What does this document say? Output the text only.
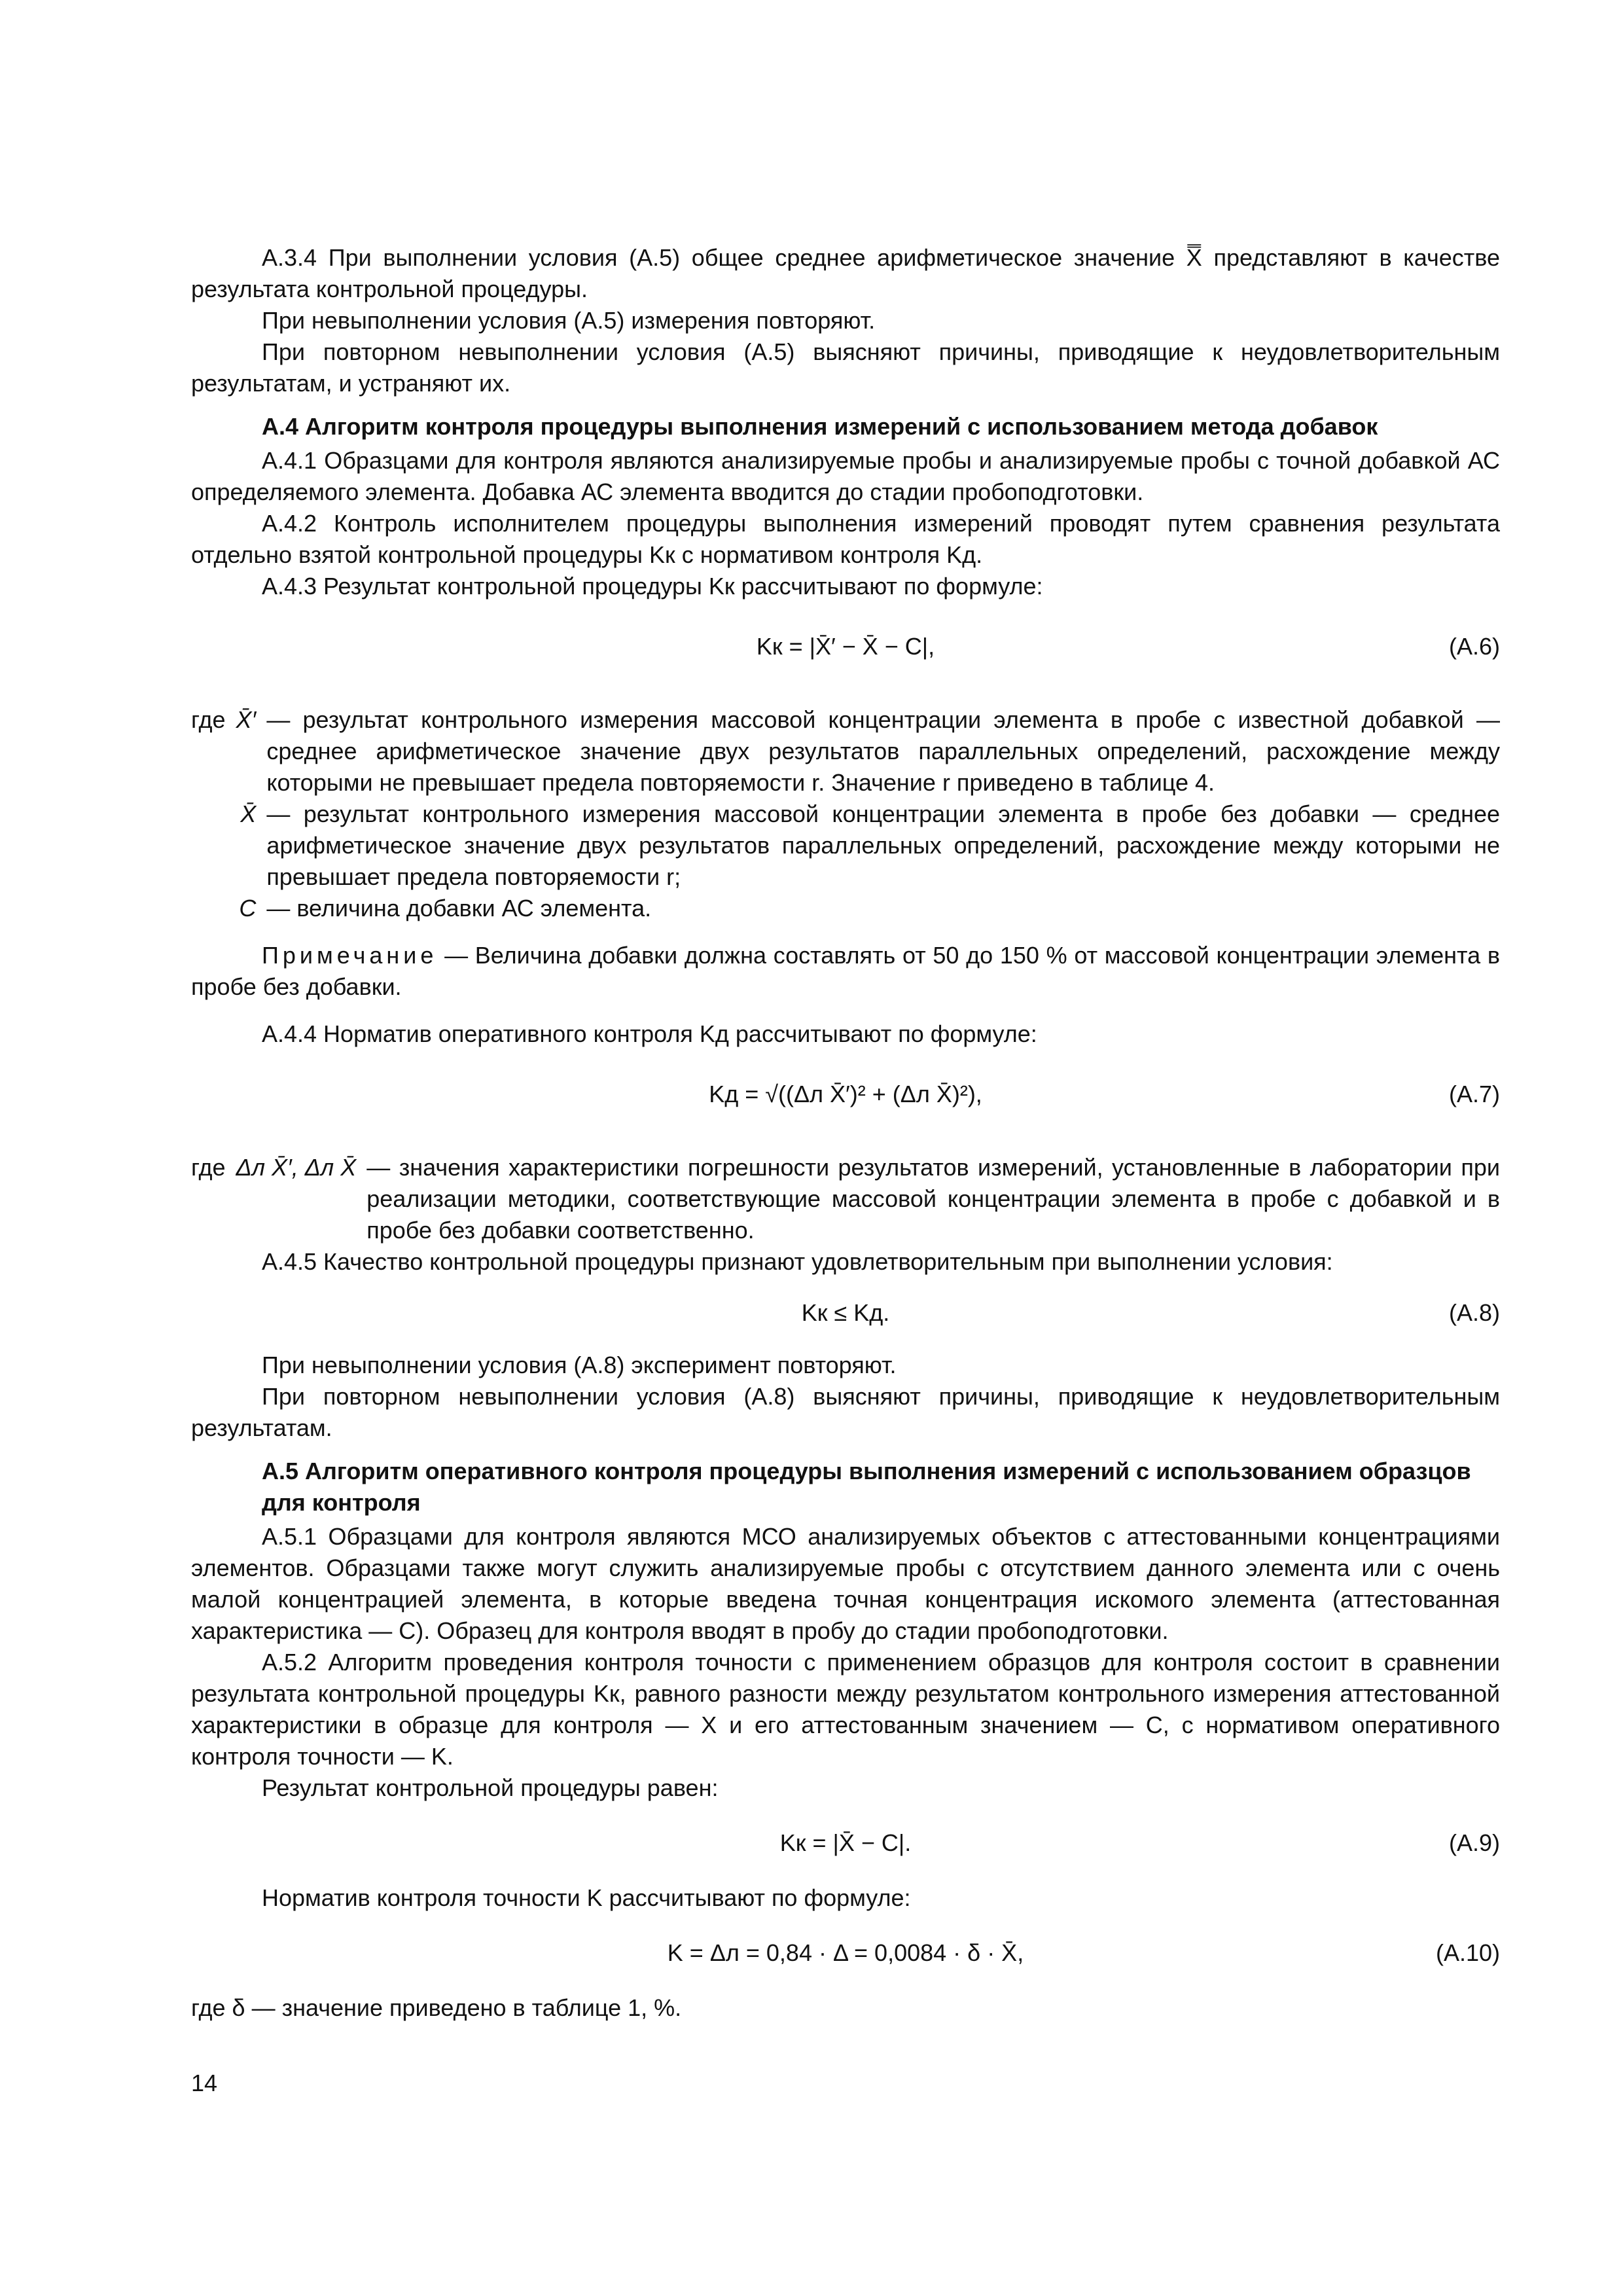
А.3.4 При выполнении условия (А.5) общее среднее арифметическое значение X̿ представляют в качестве результата контрольной процедуры.

При невыполнении условия (А.5) измерения повторяют.

При повторном невыполнении условия (А.5) выясняют причины, приводящие к неудовлетворительным результатам, и устраняют их.

А.4 Алгоритм контроля процедуры выполнения измерений с использованием метода добавок

А.4.1 Образцами для контроля являются анализируемые пробы и анализируемые пробы с точной добавкой АС определяемого элемента. Добавка АС элемента вводится до стадии пробоподготовки.

А.4.2 Контроль исполнителем процедуры выполнения измерений проводят путем сравнения результата отдельно взятой контрольной процедуры Kк с нормативом контроля Kд.

А.4.3 Результат контрольной процедуры Kк рассчитывают по формуле:

Kк = |X̄′ − X̄ − C|,	(А.6)
где X̄′ — результат контрольного измерения массовой концентрации элемента в пробе с известной добавкой — среднее арифметическое значение двух результатов параллельных определений, расхождение между которыми не превышает предела повторяемости r. Значение r приведено в таблице 4.
X̄ — результат контрольного измерения массовой концентрации элемента в пробе без добавки — среднее арифметическое значение двух результатов параллельных определений, расхождение между которыми не превышает предела повторяемости r;
C — величина добавки АС элемента.

Примечание — Величина добавки должна составлять от 50 до 150 % от массовой концентрации элемента в пробе без добавки.

А.4.4 Норматив оперативного контроля Kд рассчитывают по формуле:

Kд = √((Δл X̄′)² + (Δл X̄)²),	(А.7)
где Δл X̄′, Δл X̄ — значения характеристики погрешности результатов измерений, установленные в лаборатории при реализации методики, соответствующие массовой концентрации элемента в пробе с добавкой и в пробе без добавки соответственно.

А.4.5 Качество контрольной процедуры признают удовлетворительным при выполнении условия:

Kк ≤ Kд.	(А.8)

При невыполнении условия (А.8) эксперимент повторяют.

При повторном невыполнении условия (А.8) выясняют причины, приводящие к неудовлетворительным результатам.

А.5 Алгоритм оперативного контроля процедуры выполнения измерений с использованием образцов для контроля

А.5.1 Образцами для контроля являются МСО анализируемых объектов с аттестованными концентрациями элементов. Образцами также могут служить анализируемые пробы с отсутствием данного элемента или с очень малой концентрацией элемента, в которые введена точная концентрация искомого элемента (аттестованная характеристика — C). Образец для контроля вводят в пробу до стадии пробоподготовки.

А.5.2 Алгоритм проведения контроля точности с применением образцов для контроля состоит в сравнении результата контрольной процедуры Kк, равного разности между результатом контрольного измерения аттестованной характеристики в образце для контроля — X и его аттестованным значением — C, с нормативом оперативного контроля точности — K.

Результат контрольной процедуры равен:

Kк = |X̄ − C|.	(А.9)

Норматив контроля точности K рассчитывают по формуле:

K = Δл = 0,84 · Δ = 0,0084 · δ · X̄,	(А.10)

где δ — значение приведено в таблице 1, %.

14
